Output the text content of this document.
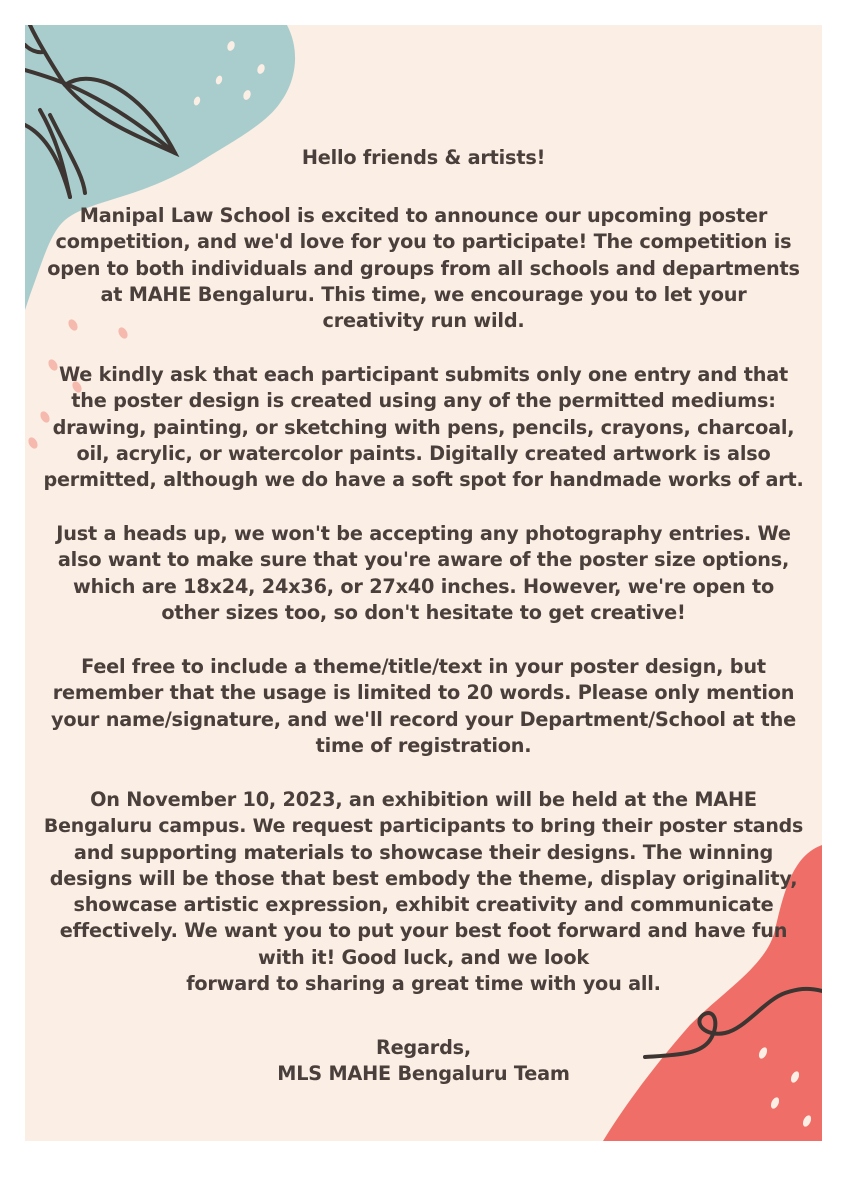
Hello friends & artists!
Manipal Law School is excited to announce our upcoming poster
competition, and we'd love for you to participate! The competition is
open to both individuals and groups from all schools and departments
at MAHE Bengaluru. This time, we encourage you to let your
creativity run wild.
We kindly ask that each participant submits only one entry and that
the poster design is created using any of the permitted mediums:
drawing, painting, or sketching with pens, pencils, crayons, charcoal,
oil, acrylic, or watercolor paints. Digitally created artwork is also
permitted, although we do have a soft spot for handmade works of art.
Just a heads up, we won't be accepting any photography entries. We
also want to make sure that you're aware of the poster size options,
which are 18x24, 24x36, or 27x40 inches. However, we're open to
other sizes too, so don't hesitate to get creative!
Feel free to include a theme/title/text in your poster design, but
remember that the usage is limited to 20 words. Please only mention
your name/signature, and we'll record your Department/School at the
time of registration.
On November 10, 2023, an exhibition will be held at the MAHE
Bengaluru campus. We request participants to bring their poster stands
and supporting materials to showcase their designs. The winning
designs will be those that best embody the theme, display originality,
showcase artistic expression, exhibit creativity and communicate
effectively. We want you to put your best foot forward and have fun
with it! Good luck, and we look
forward to sharing a great time with you all.
Regards,
MLS MAHE Bengaluru Team
